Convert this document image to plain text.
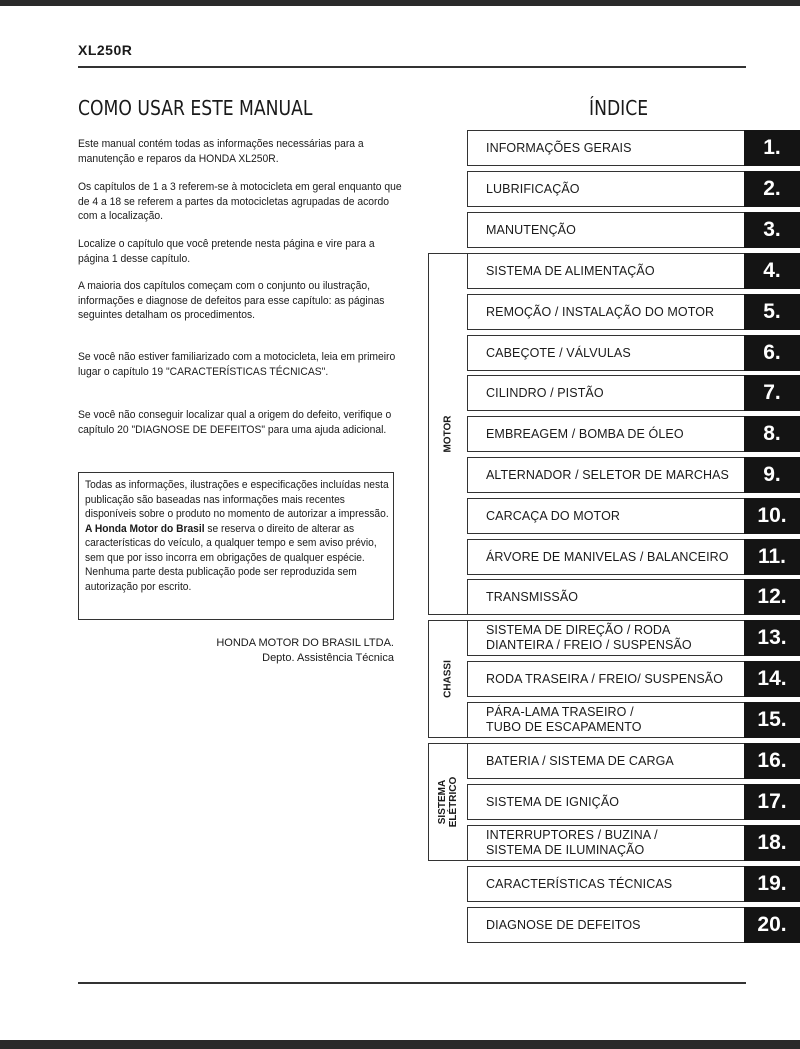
XL250R
COMO USAR ESTE MANUAL	ÍNDICE

Este manual contém todas as informações necessárias para a manutenção e reparos da HONDA XL250R.

Os capítulos de 1 a 3 referem-se à motocicleta em geral enquanto que de 4 a 18 se referem a partes da motocicletas agrupadas de acordo com a localização.

Localize o capítulo que você pretende nesta página e vire para a página 1 desse capítulo.

A maioria dos capítulos começam com o conjunto ou ilustração, informações e diagnose de defeitos para esse capítulo: as páginas seguintes detalham os procedimentos.

Se você não estiver familiarizado com a motocicleta, leia em primeiro lugar o capítulo 19 "CARACTERÍSTICAS TÉCNICAS".

Se você não conseguir localizar qual a origem do defeito, verifique o capítulo 20 "DIAGNOSE DE DEFEITOS" para uma ajuda adicional.

Todas as informações, ilustrações e especificações incluídas nesta publicação são baseadas nas informações mais recentes disponíveis sobre o produto no momento de autorizar a impressão.
A Honda Motor do Brasil se reserva o direito de alterar as características do veículo, a qualquer tempo e sem aviso prévio, sem que por isso incorra em obrigações de qualquer espécie.
Nenhuma parte desta publicação pode ser reproduzida sem autorização por escrito.
HONDA MOTOR DO BRASIL LTDA.
Depto. Assistência Técnica
MOTOR
CHASSI
SISTEMA ELÉTRICO
INFORMAÇÕES GERAIS	1.
LUBRIFICAÇÃO	2.
MANUTENÇÃO	3.
SISTEMA DE ALIMENTAÇÃO	4.
REMOÇÃO / INSTALAÇÃO DO MOTOR	5.
CABEÇOTE / VÁLVULAS	6.
CILINDRO / PISTÃO	7.
EMBREAGEM / BOMBA DE ÓLEO	8.
ALTERNADOR / SELETOR DE MARCHAS	9.
CARCAÇA DO MOTOR	10.
ÁRVORE DE MANIVELAS / BALANCEIRO	11.
TRANSMISSÃO	12.
SISTEMA DE DIREÇÃO / RODA
DIANTEIRA / FREIO / SUSPENSÃO	13.
RODA TRASEIRA / FREIO/ SUSPENSÃO	14.
PÁRA-LAMA TRASEIRO /
TUBO DE ESCAPAMENTO	15.
BATERIA / SISTEMA DE CARGA	16.
SISTEMA DE IGNIÇÃO	17.
INTERRUPTORES / BUZINA /
SISTEMA DE ILUMINAÇÃO	18.
CARACTERÍSTICAS TÉCNICAS	19.
DIAGNOSE DE DEFEITOS	20.
